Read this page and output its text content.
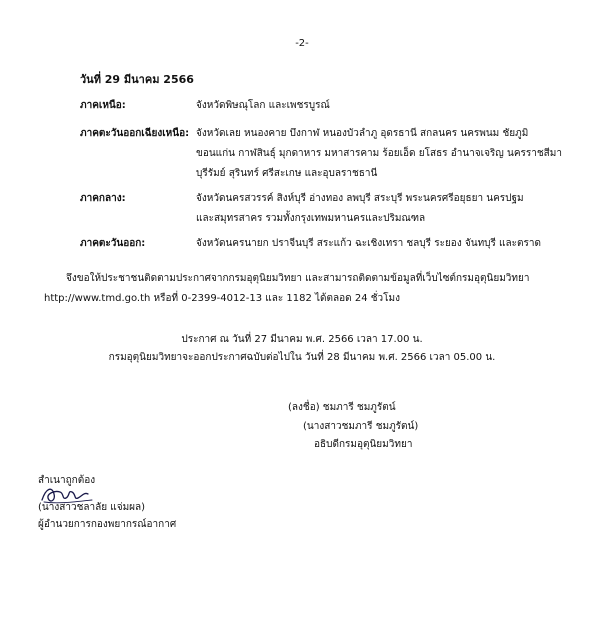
-2-
วันที่ 29 มีนาคม 2566
ภาคเหนือ:	จังหวัดพิษณุโลก และเพชรบูรณ์
ภาคตะวันออกเฉียงเหนือ: จังหวัดเลย หนองคาย บึงกาฬ หนองบัวลำภู อุดรธานี สกลนคร นครพนม ชัยภูมิ
ขอนแก่น กาฬสินธุ์ มุกดาหาร มหาสารคาม ร้อยเอ็ด ยโสธร อำนาจเจริญ นครราชสีมา
บุรีรัมย์ สุรินทร์ ศรีสะเกษ และอุบลราชธานี
ภาคกลาง:	จังหวัดนครสวรรค์ สิงห์บุรี อ่างทอง ลพบุรี สระบุรี พระนครศรีอยุธยา นครปฐม
และสมุทรสาคร รวมทั้งกรุงเทพมหานครและปริมณฑล
ภาคตะวันออก:	จังหวัดนครนายก ปราจีนบุรี สระแก้ว ฉะเชิงเทรา ชลบุรี ระยอง จันทบุรี และตราด
จึงขอให้ประชาชนติดตามประกาศจากกรมอุตุนิยมวิทยา และสามารถติดตามข้อมูลที่เว็บไซต์กรมอุตุนิยมวิทยา
http://www.tmd.go.th หรือที่ 0-2399-4012-13 และ 1182 ได้ตลอด 24 ชั่วโมง
ประกาศ ณ วันที่ 27 มีนาคม พ.ศ. 2566 เวลา 17.00 น.
กรมอุตุนิยมวิทยาจะออกประกาศฉบับต่อไปใน วันที่ 28 มีนาคม พ.ศ. 2566 เวลา 05.00 น.
(ลงชื่อ) ชมภารี ชมภูรัตน์
(นางสาวชมภารี ชมภูรัตน์)
อธิบดีกรมอุตุนิยมวิทยา
สำเนาถูกต้อง
(นางสาวชลาลัย แจ่มผล)
ผู้อำนวยการกองพยากรณ์อากาศ
